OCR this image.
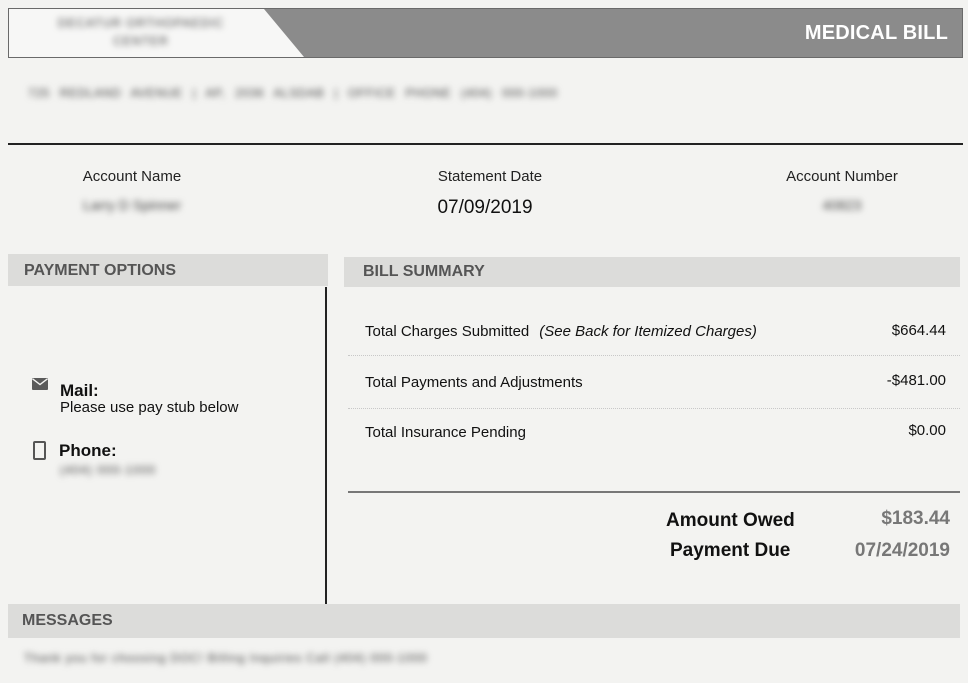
DECATUR ORTHOPAEDIC CENTER	MEDICAL BILL
725 REDLAND AVENUE | AP, 2036 ALSDAB | OFFICE PHONE (404) 000-1000
Account Name
Larry D Spinner
Statement Date
07/09/2019
Account Number
40823
PAYMENT OPTIONS	BILL SUMMARY
Mail:
Please use pay stub below
Phone:
(404) 000-1000
Total Charges Submitted (See Back for Itemized Charges)	$664.44
Total Payments and Adjustments	-$481.00
Total Insurance Pending	$0.00
Amount Owed	$183.44
Payment Due	07/24/2019
MESSAGES
Thank you for choosing DOC! Billing Inquiries Call (404) 000-1000
